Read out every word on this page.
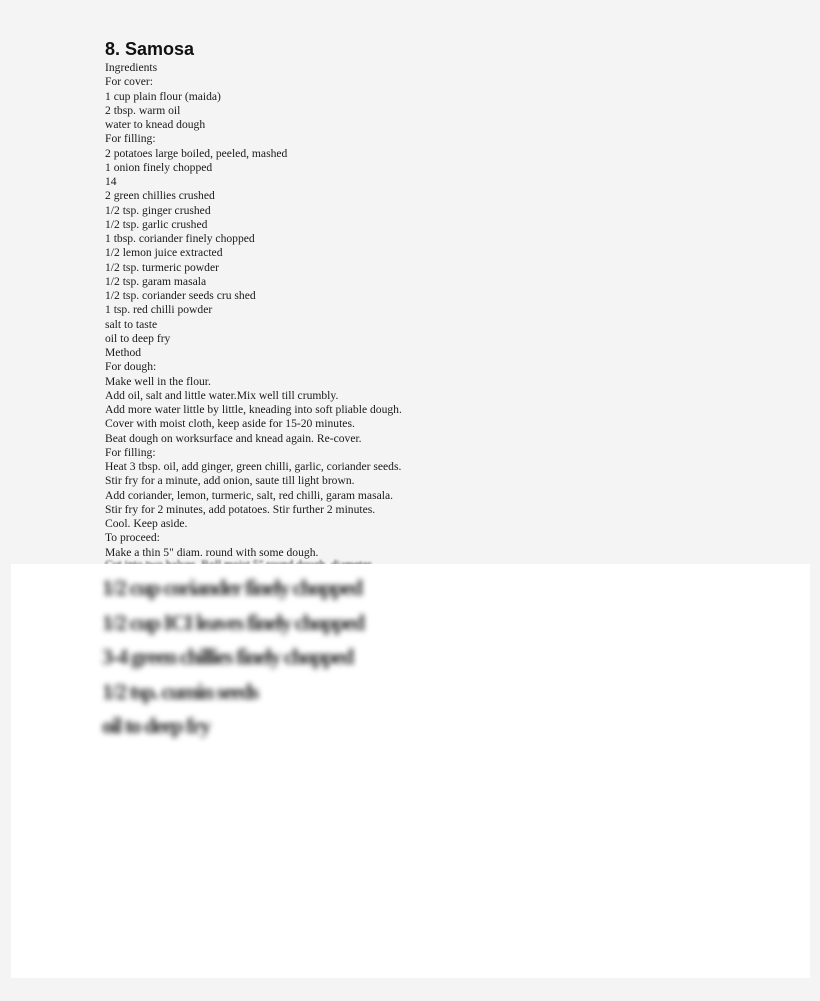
8. Samosa
Ingredients
For cover:
1 cup plain flour (maida)
2 tbsp. warm oil
water to knead dough
For filling:
2 potatoes large boiled, peeled, mashed
1 onion finely chopped
14
2 green chillies crushed
1/2 tsp. ginger crushed
1/2 tsp. garlic crushed
1 tbsp. coriander finely chopped
1/2 lemon juice extracted
1/2 tsp. turmeric powder
1/2 tsp. garam masala
1/2 tsp. coriander seeds cru shed
1 tsp. red chilli powder
salt to taste
oil to deep fry
Method
For dough:
Make well in the flour.
Add oil, salt and little water.Mix well till crumbly.
Add more water little by little, kneading into soft pliable dough.
Cover with moist cloth, keep aside for 15-20 minutes.
Beat dough on worksurface and knead again. Re-cover.
For filling:
Heat 3 tbsp. oil, add ginger, green chilli, garlic, coriander seeds.
Stir fry for a minute, add onion, saute till light brown.
Add coriander, lemon, turmeric, salt, red chilli, garam masala.
Stir fry for 2 minutes, add potatoes. Stir further 2 minutes.
Cool. Keep aside.
To proceed:
Make a thin 5" diam. round with some dough.
1/2 cup coriander finely chopped
1/2 cup ICI leaves finely chopped
3-4 green chillies finely chopped
1/2 tsp. cumin seeds
oil to deep fry
